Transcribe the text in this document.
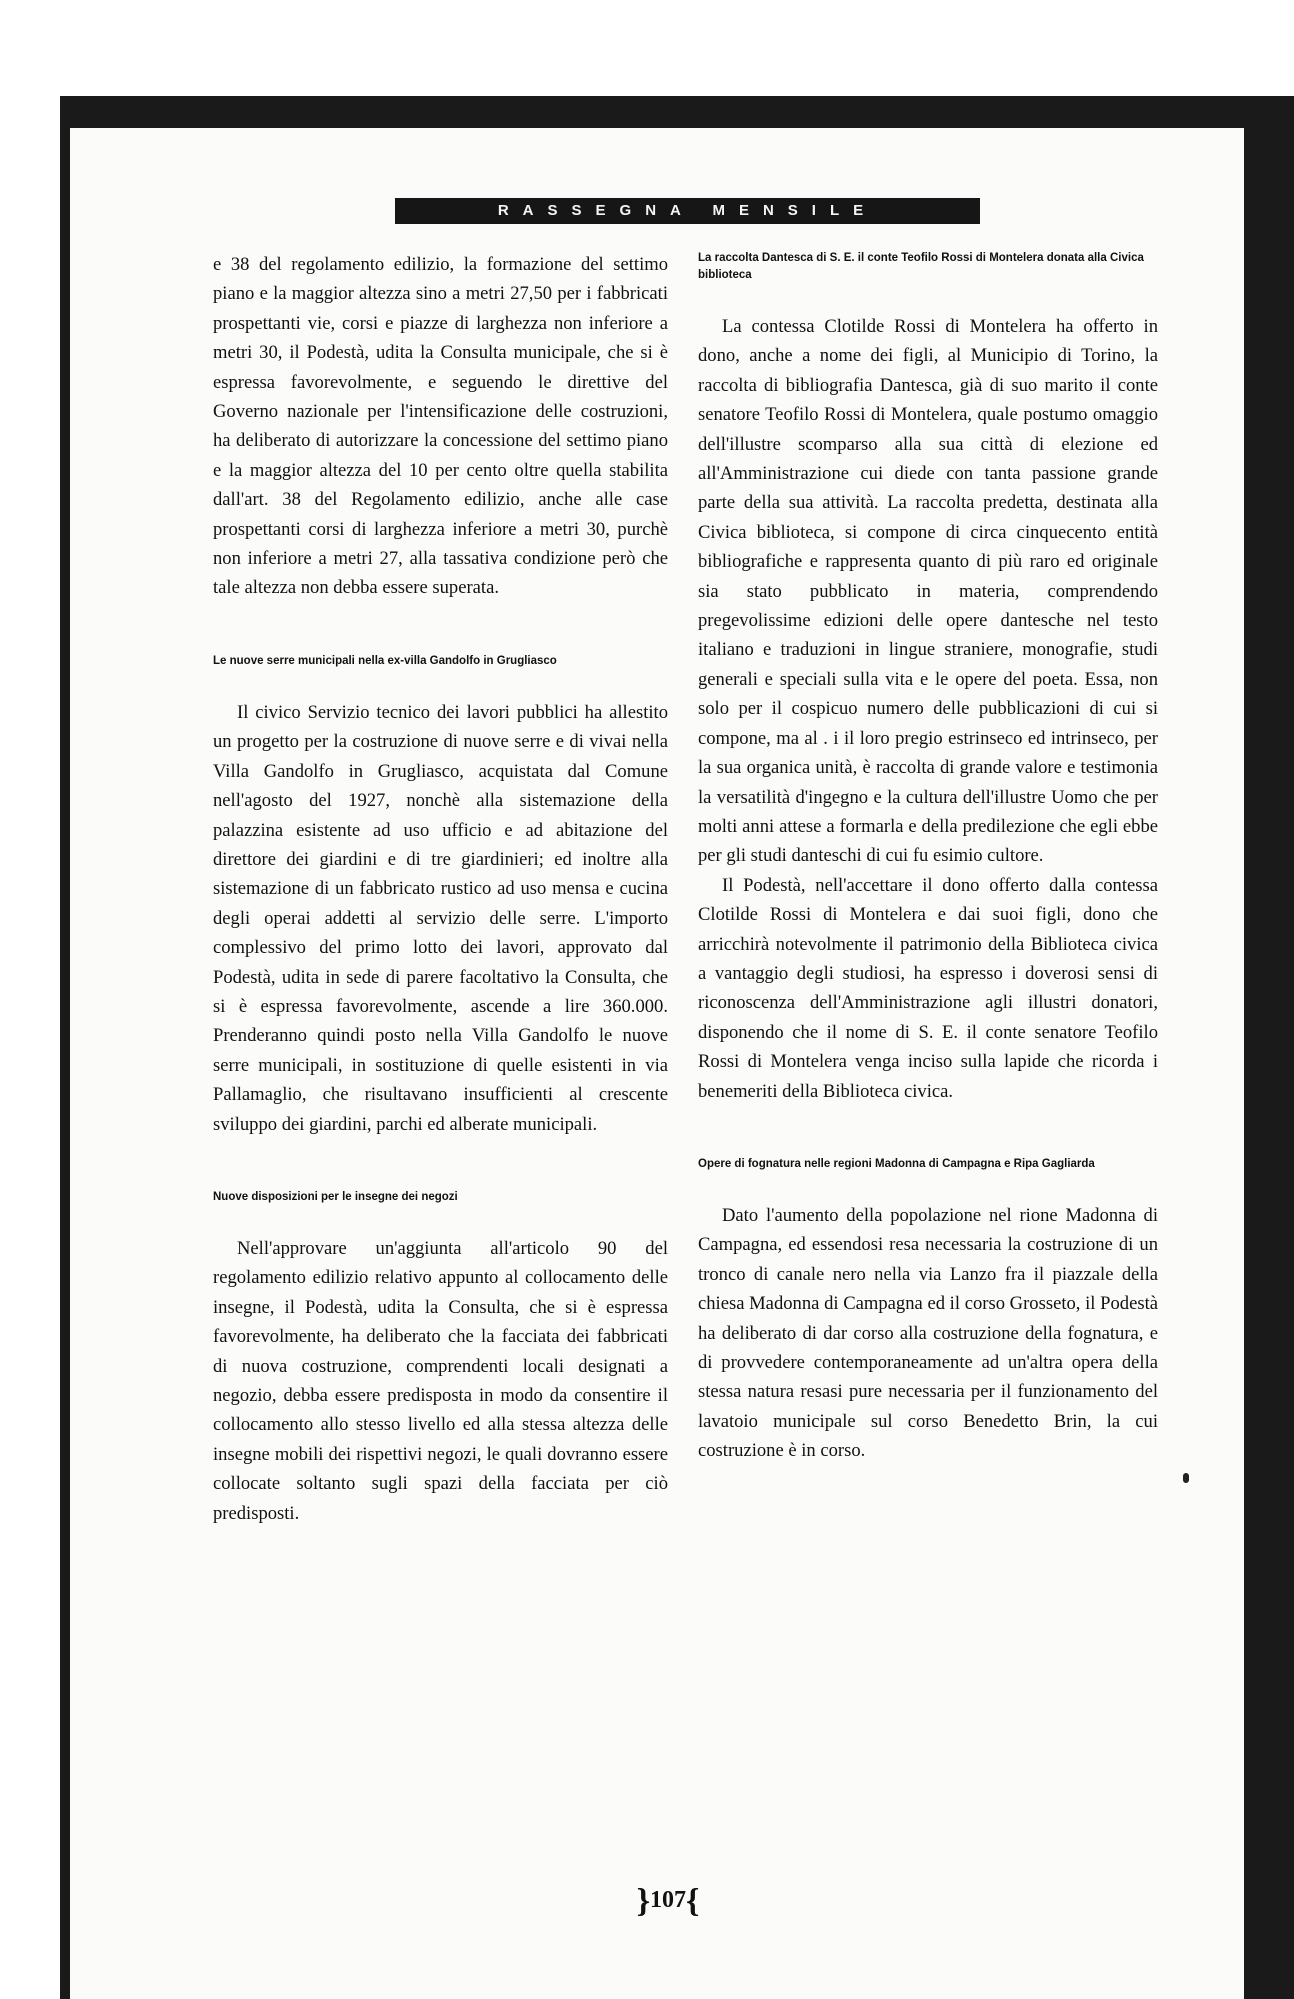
RASSEGNA MENSILE

e 38 del regolamento edilizio, la formazione del settimo piano e la maggior altezza sino a metri 27,50 per i fabbricati prospettanti vie, corsi e piazze di larghezza non inferiore a metri 30, il Podestà, udita la Consulta municipale, che si è espressa favorevolmente, e seguendo le direttive del Governo nazionale per l'intensificazione delle costruzioni, ha deliberato di autorizzare la concessione del settimo piano e la maggior altezza del 10 per cento oltre quella stabilita dall'art. 38 del Regolamento edilizio, anche alle case prospettanti corsi di larghezza inferiore a metri 30, purchè non inferiore a metri 27, alla tassativa condizione però che tale altezza non debba essere superata.

Le nuove serre municipali nella ex-villa Gandolfo in Grugliasco

Il civico Servizio tecnico dei lavori pubblici ha allestito un progetto per la costruzione di nuove serre e di vivai nella Villa Gandolfo in Grugliasco, acquistata dal Comune nell'agosto del 1927, nonchè alla sistemazione della palazzina esistente ad uso ufficio e ad abitazione del direttore dei giardini e di tre giardinieri; ed inoltre alla sistemazione di un fabbricato rustico ad uso mensa e cucina degli operai addetti al servizio delle serre. L'importo complessivo del primo lotto dei lavori, approvato dal Podestà, udita in sede di parere facoltativo la Consulta, che si è espressa favorevolmente, ascende a lire 360.000. Prenderanno quindi posto nella Villa Gandolfo le nuove serre municipali, in sostituzione di quelle esistenti in via Pallamaglio, che risultavano insufficienti al crescente sviluppo dei giardini, parchi ed alberate municipali.

Nuove disposizioni per le insegne dei negozi

Nell'approvare un'aggiunta all'articolo 90 del regolamento edilizio relativo appunto al collocamento delle insegne, il Podestà, udita la Consulta, che si è espressa favorevolmente, ha deliberato che la facciata dei fabbricati di nuova costruzione, comprendenti locali designati a negozio, debba essere predisposta in modo da consentire il collocamento allo stesso livello ed alla stessa altezza delle insegne mobili dei rispettivi negozi, le quali dovranno essere collocate soltanto sugli spazi della facciata per ciò predisposti.

La raccolta Dantesca di S. E. il conte Teofilo Rossi di Montelera donata alla Civica biblioteca

La contessa Clotilde Rossi di Montelera ha offerto in dono, anche a nome dei figli, al Municipio di Torino, la raccolta di bibliografia Dantesca, già di suo marito il conte senatore Teofilo Rossi di Montelera, quale postumo omaggio dell'illustre scomparso alla sua città di elezione ed all'Amministrazione cui diede con tanta passione grande parte della sua attività. La raccolta predetta, destinata alla Civica biblioteca, si compone di circa cinquecento entità bibliografiche e rappresenta quanto di più raro ed originale sia stato pubblicato in materia, comprendendo pregevolissime edizioni delle opere dantesche nel testo italiano e traduzioni in lingue straniere, monografie, studi generali e speciali sulla vita e le opere del poeta. Essa, non solo per il cospicuo numero delle pubblicazioni di cui si compone, ma al . i il loro pregio estrinseco ed intrinseco, per la sua organica unità, è raccolta di grande valore e testimonia la versatilità d'ingegno e la cultura dell'illustre Uomo che per molti anni attese a formarla e della predilezione che egli ebbe per gli studi danteschi di cui fu esimio cultore.

Il Podestà, nell'accettare il dono offerto dalla contessa Clotilde Rossi di Montelera e dai suoi figli, dono che arricchirà notevolmente il patrimonio della Biblioteca civica a vantaggio degli studiosi, ha espresso i doverosi sensi di riconoscenza dell'Amministrazione agli illustri donatori, disponendo che il nome di S. E. il conte senatore Teofilo Rossi di Montelera venga inciso sulla lapide che ricorda i benemeriti della Biblioteca civica.

Opere di fognatura nelle regioni Madonna di Campagna e Ripa Gagliarda

Dato l'aumento della popolazione nel rione Madonna di Campagna, ed essendosi resa necessaria la costruzione di un tronco di canale nero nella via Lanzo fra il piazzale della chiesa Madonna di Campagna ed il corso Grosseto, il Podestà ha deliberato di dar corso alla costruzione della fognatura, e di provvedere contemporaneamente ad un'altra opera della stessa natura resasi pure necessaria per il funzionamento del lavatoio municipale sul corso Benedetto Brin, la cui costruzione è in corso.

}107{
